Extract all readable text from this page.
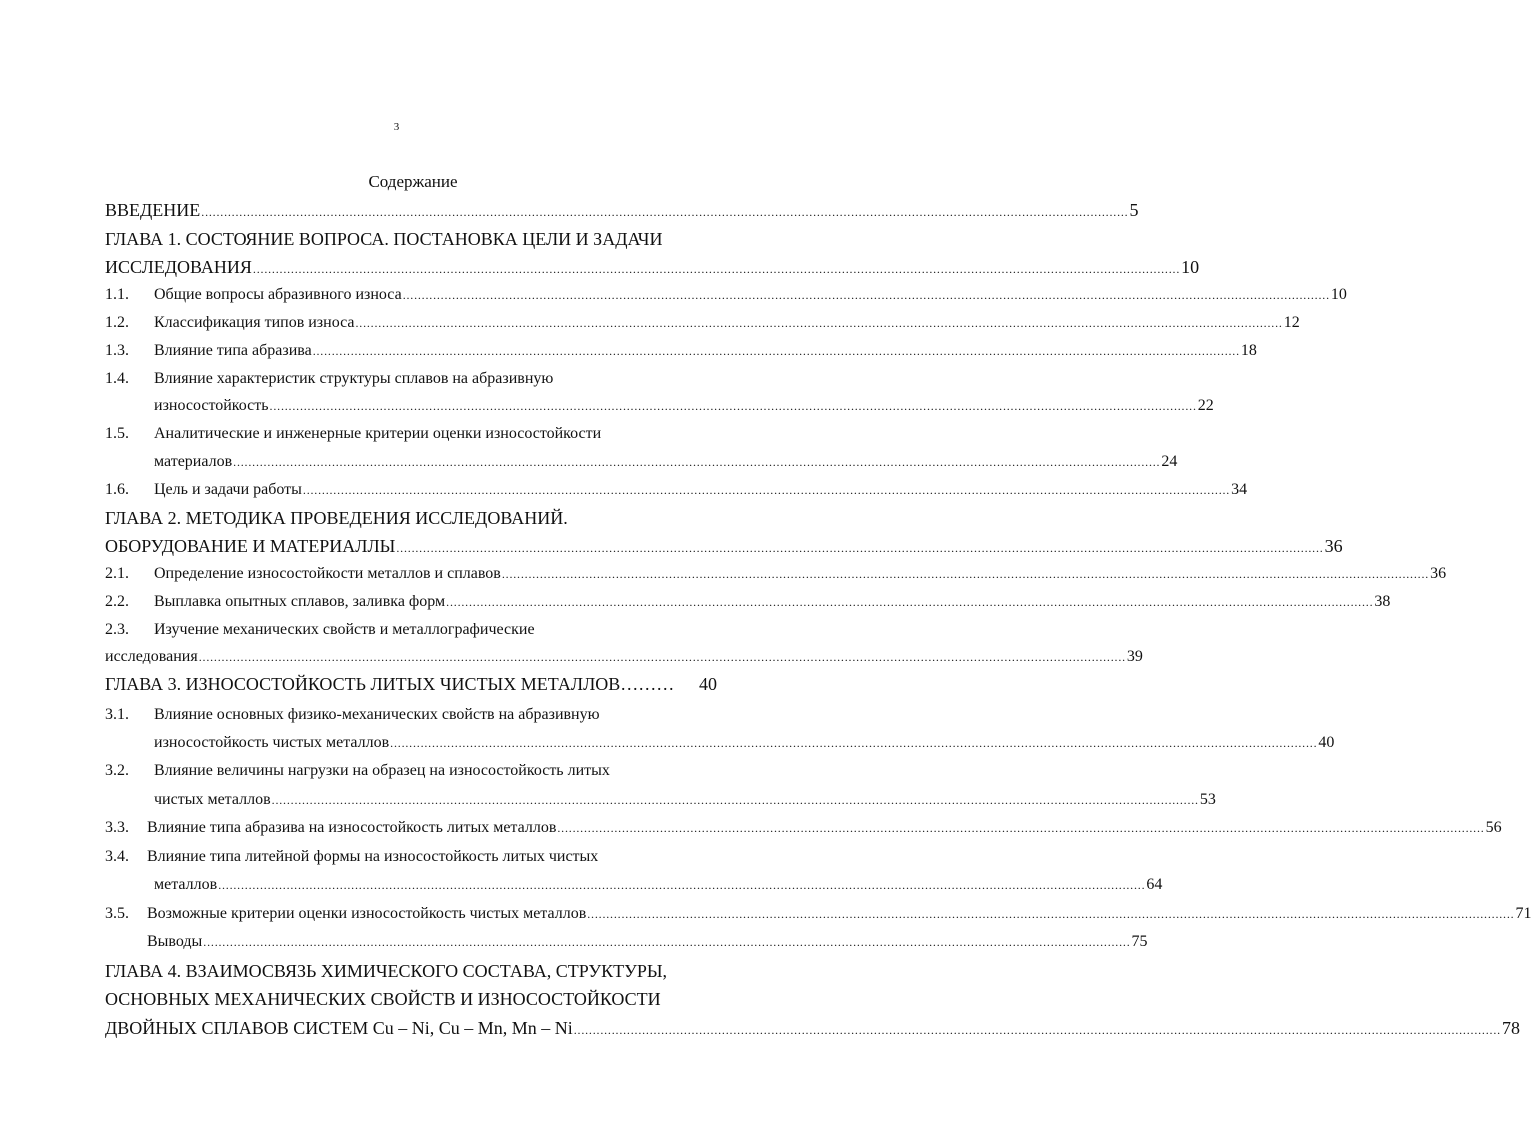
3
Содержание
ВВЕДЕНИЕ .................................................................................................................................................................................................................................................... 5
ГЛАВА 1. СОСТОЯНИЕ ВОПРОСА. ПОСТАНОВКА ЦЕЛИ И ЗАДАЧИ
ИССЛЕДОВАНИЯ .................................................................................................................................................................................................................................................... 10
1.1. Общие вопросы абразивного износа .................................................................................................................................................................................................................................................... 10
1.2. Классификация типов износа .................................................................................................................................................................................................................................................... 12
1.3. Влияние типа абразива .................................................................................................................................................................................................................................................... 18
1.4. Влияние характеристик структуры сплавов на абразивную
износостойкость .................................................................................................................................................................................................................................................... 22
1.5. Аналитические и инженерные критерии оценки износостойкости
материалов .................................................................................................................................................................................................................................................... 24
1.6. Цель и задачи работы .................................................................................................................................................................................................................................................... 34
ГЛАВА 2. МЕТОДИКА ПРОВЕДЕНИЯ ИССЛЕДОВАНИЙ.
ОБОРУДОВАНИЕ И МАТЕРИАЛЛЫ .................................................................................................................................................................................................................................................... 36
2.1. Определение износостойкости металлов и сплавов .................................................................................................................................................................................................................................................... 36
2.2. Выплавка опытных сплавов, заливка форм .................................................................................................................................................................................................................................................... 38
2.3. Изучение механических свойств и металлографические
исследования .................................................................................................................................................................................................................................................... 39
ГЛАВА 3. ИЗНОСОСТОЙКОСТЬ ЛИТЫХ ЧИСТЫХ МЕТАЛЛОВ ………	40
3.1. Влияние основных физико-механических свойств на абразивную
износостойкость чистых металлов .................................................................................................................................................................................................................................................... 40
3.2. Влияние величины нагрузки на образец на износостойкость литых
чистых металлов .................................................................................................................................................................................................................................................... 53
3.3. Влияние типа абразива на износостойкость литых металлов .................................................................................................................................................................................................................................................... 56
3.4. Влияние типа литейной формы на износостойкость литых чистых
металлов .................................................................................................................................................................................................................................................... 64
3.5. Возможные критерии оценки износостойкость чистых металлов .................................................................................................................................................................................................................................................... 71
Выводы .................................................................................................................................................................................................................................................... 75
ГЛАВА 4. ВЗАИМОСВЯЗЬ ХИМИЧЕСКОГО СОСТАВА, СТРУКТУРЫ,
ОСНОВНЫХ МЕХАНИЧЕСКИХ СВОЙСТВ И ИЗНОСОСТОЙКОСТИ
ДВОЙНЫХ СПЛАВОВ СИСТЕМ Cu – Ni, Cu – Mn, Mn – Ni .................................................................................................................................................................................................................................................... 78
